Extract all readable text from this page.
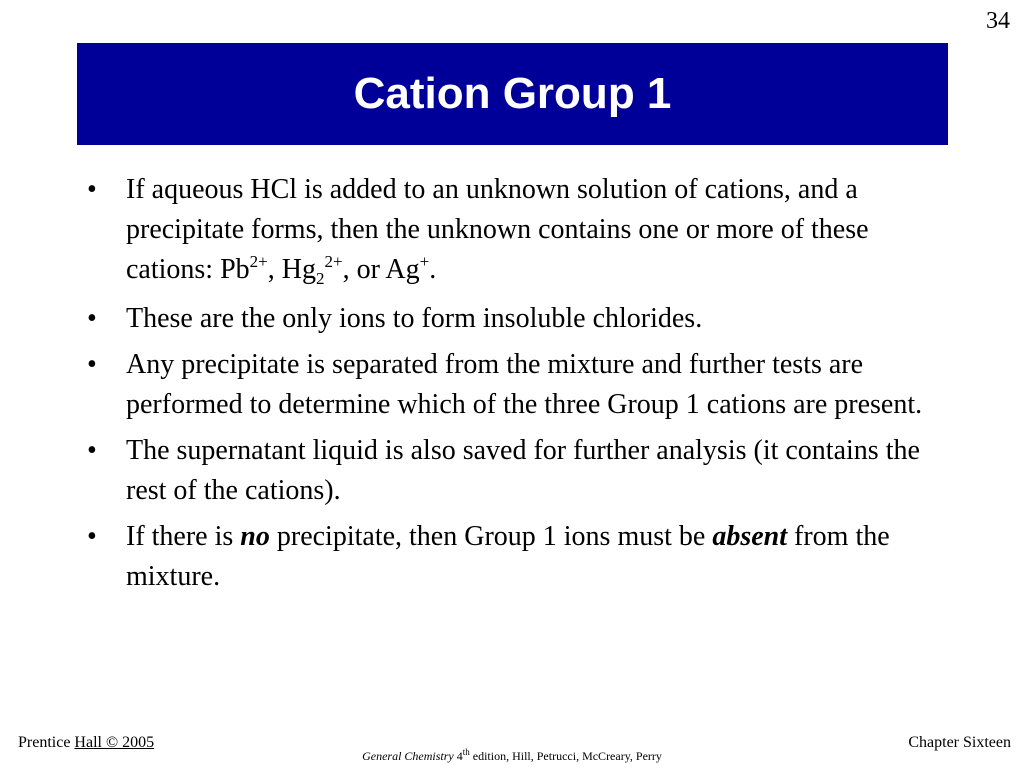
34
Cation Group 1
• If aqueous HCl is added to an unknown solution of cations, and a precipitate forms, then the unknown contains one or more of these cations: $Pb^{2+}$, $Hg_2^{2+}$, or Ag+.
• These are the only ions to form insoluble chlorides.
• Any precipitate is separated from the mixture and further tests are performed to determine which of the three Group 1 cations are present.
• The supernatant liquid is also saved for further analysis (it contains the rest of the cations).
• If there is no precipitate, then Group 1 ions must be absent from the mixture.
Prentice Hall © 2005
General Chemistry 4th edition, Hill, Petrucci, McCreary, Perry
Chapter Sixteen
